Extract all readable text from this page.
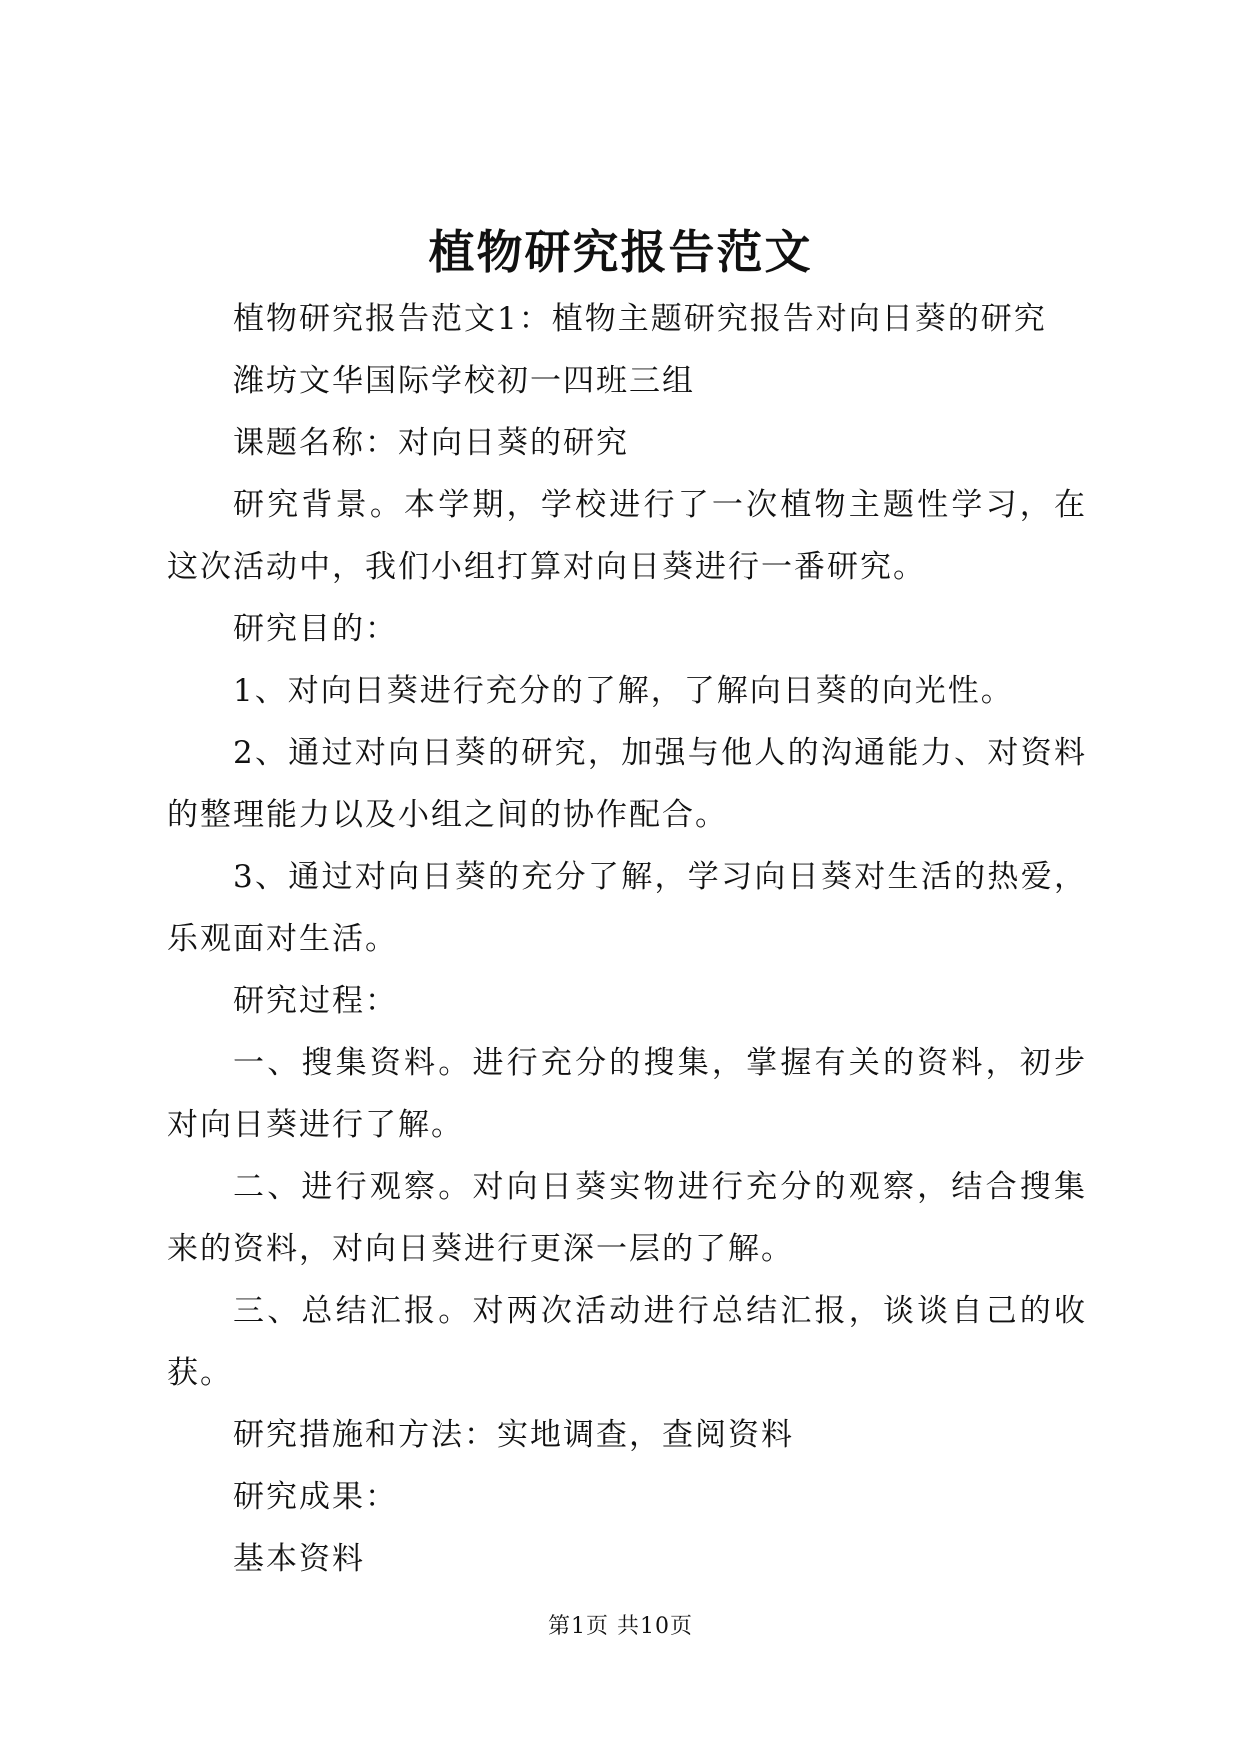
植物研究报告范文

植物研究报告范文1：植物主题研究报告对向日葵的研究

潍坊文华国际学校初一四班三组

课题名称：对向日葵的研究

研究背景。本学期，学校进行了一次植物主题性学习，在这次活动中，我们小组打算对向日葵进行一番研究。

研究目的：

1、对向日葵进行充分的了解，了解向日葵的向光性。

2、通过对向日葵的研究，加强与他人的沟通能力、对资料的整理能力以及小组之间的协作配合。

3、通过对向日葵的充分了解，学习向日葵对生活的热爱，乐观面对生活。

研究过程：

一、搜集资料。进行充分的搜集，掌握有关的资料，初步对向日葵进行了解。

二、进行观察。对向日葵实物进行充分的观察，结合搜集来的资料，对向日葵进行更深一层的了解。

三、总结汇报。对两次活动进行总结汇报，谈谈自己的收获。

研究措施和方法：实地调查，查阅资料

研究成果：

基本资料

第1页 共10页
